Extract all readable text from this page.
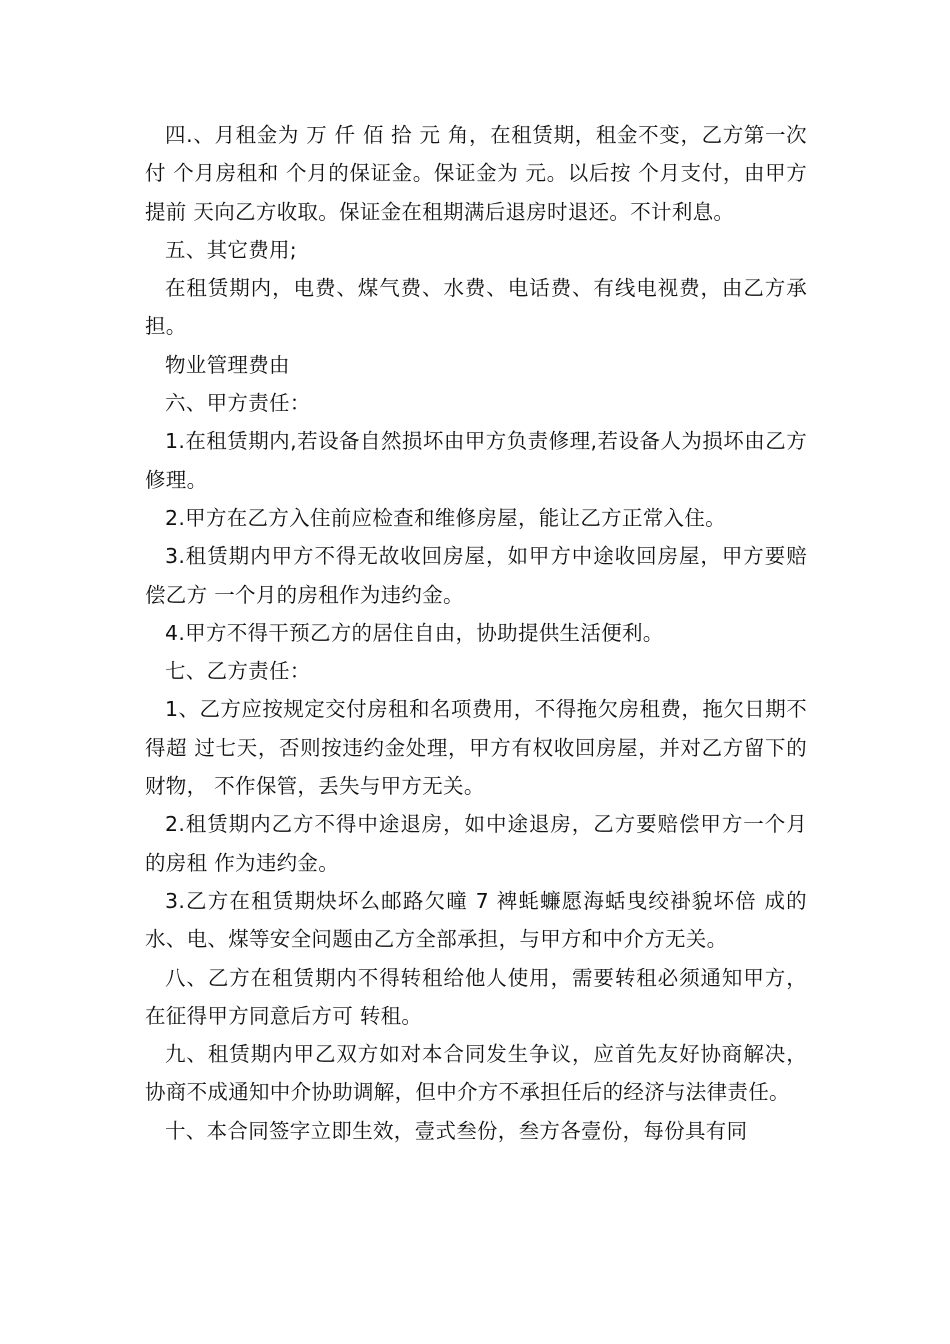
四.、月租金为 万 仟 佰 拾 元 角，在租赁期，租金不变，乙方第一次付 个月房租和 个月的保证金。保证金为 元。以后按 个月支付，由甲方提前 天向乙方收取。保证金在租期满后退房时退还。不计利息。

五、其它费用;

在租赁期内，电费、煤气费、水费、电话费、有线电视费，由乙方承担。

物业管理费由

六、甲方责任：

1.在租赁期内,若设备自然损坏由甲方负责修理,若设备人为损坏由乙方修理。

2.甲方在乙方入住前应检查和维修房屋，能让乙方正常入住。

3.租赁期内甲方不得无故收回房屋，如甲方中途收回房屋，甲方要赔偿乙方 一个月的房租作为违约金。

4.甲方不得干预乙方的居住自由，协助提供生活便利。

七、乙方责任：

1、乙方应按规定交付房租和名项费用，不得拖欠房租费，拖欠日期不得超 过七天，否则按违约金处理，甲方有权收回房屋，并对乙方留下的财物， 不作保管，丢失与甲方无关。

2.租赁期内乙方不得中途退房，如中途退房，乙方要赔偿甲方一个月的房租 作为违约金。

3.乙方在租赁期炔坏么邮路欠曈 7 裨蚝蠊愿海蛞曳绞褂貌坏倍 成的水、电、煤等安全问题由乙方全部承担，与甲方和中介方无关。

八、乙方在租赁期内不得转租给他人使用，需要转租必须通知甲方，在征得甲方同意后方可 转租。

九、租赁期内甲乙双方如对本合同发生争议，应首先友好协商解决，协商不成通知中介协助调解，但中介方不承担任后的经济与法律责任。

十、本合同签字立即生效，壹式叁份，叁方各壹份，每份具有同
